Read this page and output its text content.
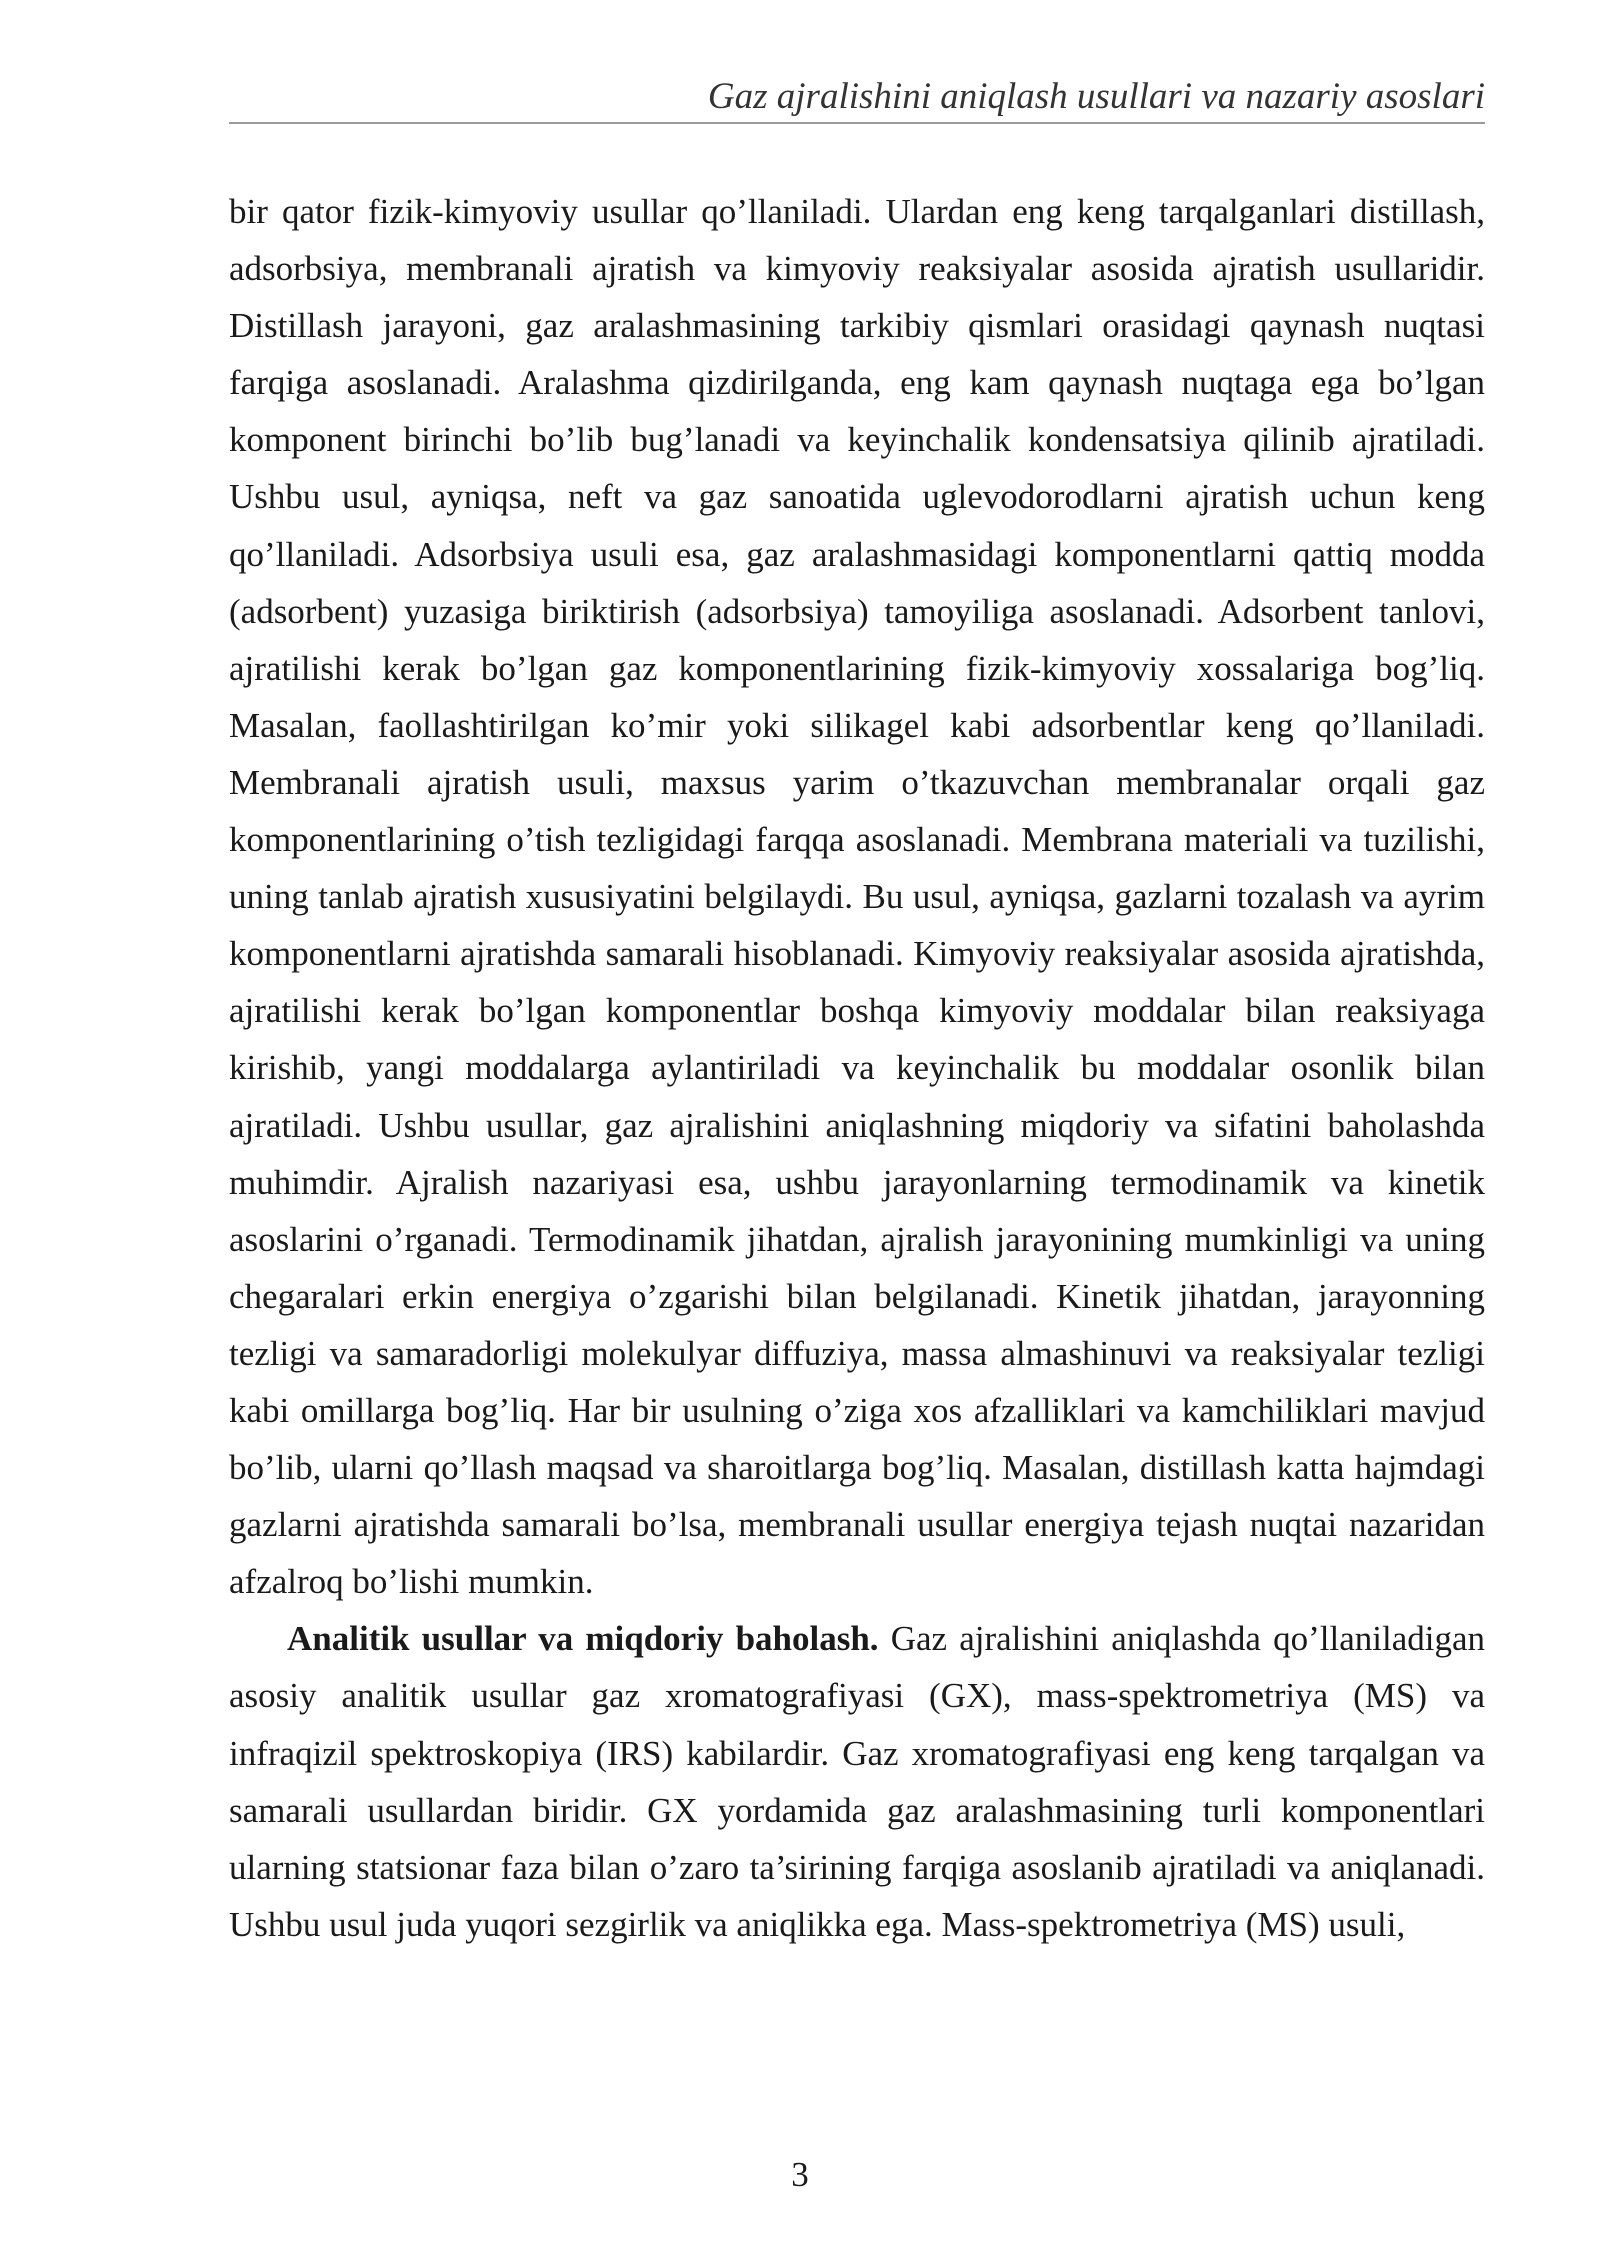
Gaz ajralishini aniqlash usullari va nazariy asoslari

bir qator fizik-kimyoviy usullar qo’llaniladi. Ulardan eng keng tarqalganlari distillash, adsorbsiya, membranali ajratish va kimyoviy reaksiyalar asosida ajratish usullaridir. Distillash jarayoni, gaz aralashmasining tarkibiy qismlari orasidagi qaynash nuqtasi farqiga asoslanadi. Aralashma qizdirilganda, eng kam qaynash nuqtaga ega bo’lgan komponent birinchi bo’lib bug’lanadi va keyinchalik kondensatsiya qilinib ajratiladi. Ushbu usul, ayniqsa, neft va gaz sanoatida uglevodorodlarni ajratish uchun keng qo’llaniladi. Adsorbsiya usuli esa, gaz aralashmasidagi komponentlarni qattiq modda (adsorbent) yuzasiga biriktirish (adsorbsiya) tamoyiliga asoslanadi. Adsorbent tanlovi, ajratilishi kerak bo’lgan gaz komponentlarining fizik-kimyoviy xossalariga bog’liq. Masalan, faollashtirilgan ko’mir yoki silikagel kabi adsorbentlar keng qo’llaniladi. Membranali ajratish usuli, maxsus yarim o’tkazuvchan membranalar orqali gaz komponentlarining o’tish tezligidagi farqqa asoslanadi. Membrana materiali va tuzilishi, uning tanlab ajratish xususiyatini belgilaydi. Bu usul, ayniqsa, gazlarni tozalash va ayrim komponentlarni ajratishda samarali hisoblanadi. Kimyoviy reaksiyalar asosida ajratishda, ajratilishi kerak bo’lgan komponentlar boshqa kimyoviy moddalar bilan reaksiyaga kirishib, yangi moddalarga aylantiriladi va keyinchalik bu moddalar osonlik bilan ajratiladi. Ushbu usullar, gaz ajralishini aniqlashning miqdoriy va sifatini baholashda muhimdir. Ajralish nazariyasi esa, ushbu jarayonlarning termodinamik va kinetik asoslarini o’rganadi. Termodinamik jihatdan, ajralish jarayonining mumkinligi va uning chegaralari erkin energiya o’zgarishi bilan belgilanadi. Kinetik jihatdan, jarayonning tezligi va samaradorligi molekulyar diffuziya, massa almashinuvi va reaksiyalar tezligi kabi omillarga bog’liq. Har bir usulning o’ziga xos afzalliklari va kamchiliklari mavjud bo’lib, ularni qo’llash maqsad va sharoitlarga bog’liq. Masalan, distillash katta hajmdagi gazlarni ajratishda samarali bo’lsa, membranali usullar energiya tejash nuqtai nazaridan afzalroq bo’lishi mumkin.

Analitik usullar va miqdoriy baholash. Gaz ajralishini aniqlashda qo’llaniladigan asosiy analitik usullar gaz xromatografiyasi (GX), mass-spektrometriya (MS) va infraqizil spektroskopiya (IRS) kabilardir. Gaz xromatografiyasi eng keng tarqalgan va samarali usullardan biridir. GX yordamida gaz aralashmasining turli komponentlari ularning statsionar faza bilan o’zaro ta’sirining farqiga asoslanib ajratiladi va aniqlanadi. Ushbu usul juda yuqori sezgirlik va aniqlikka ega. Mass-spektrometriya (MS) usuli,

3
